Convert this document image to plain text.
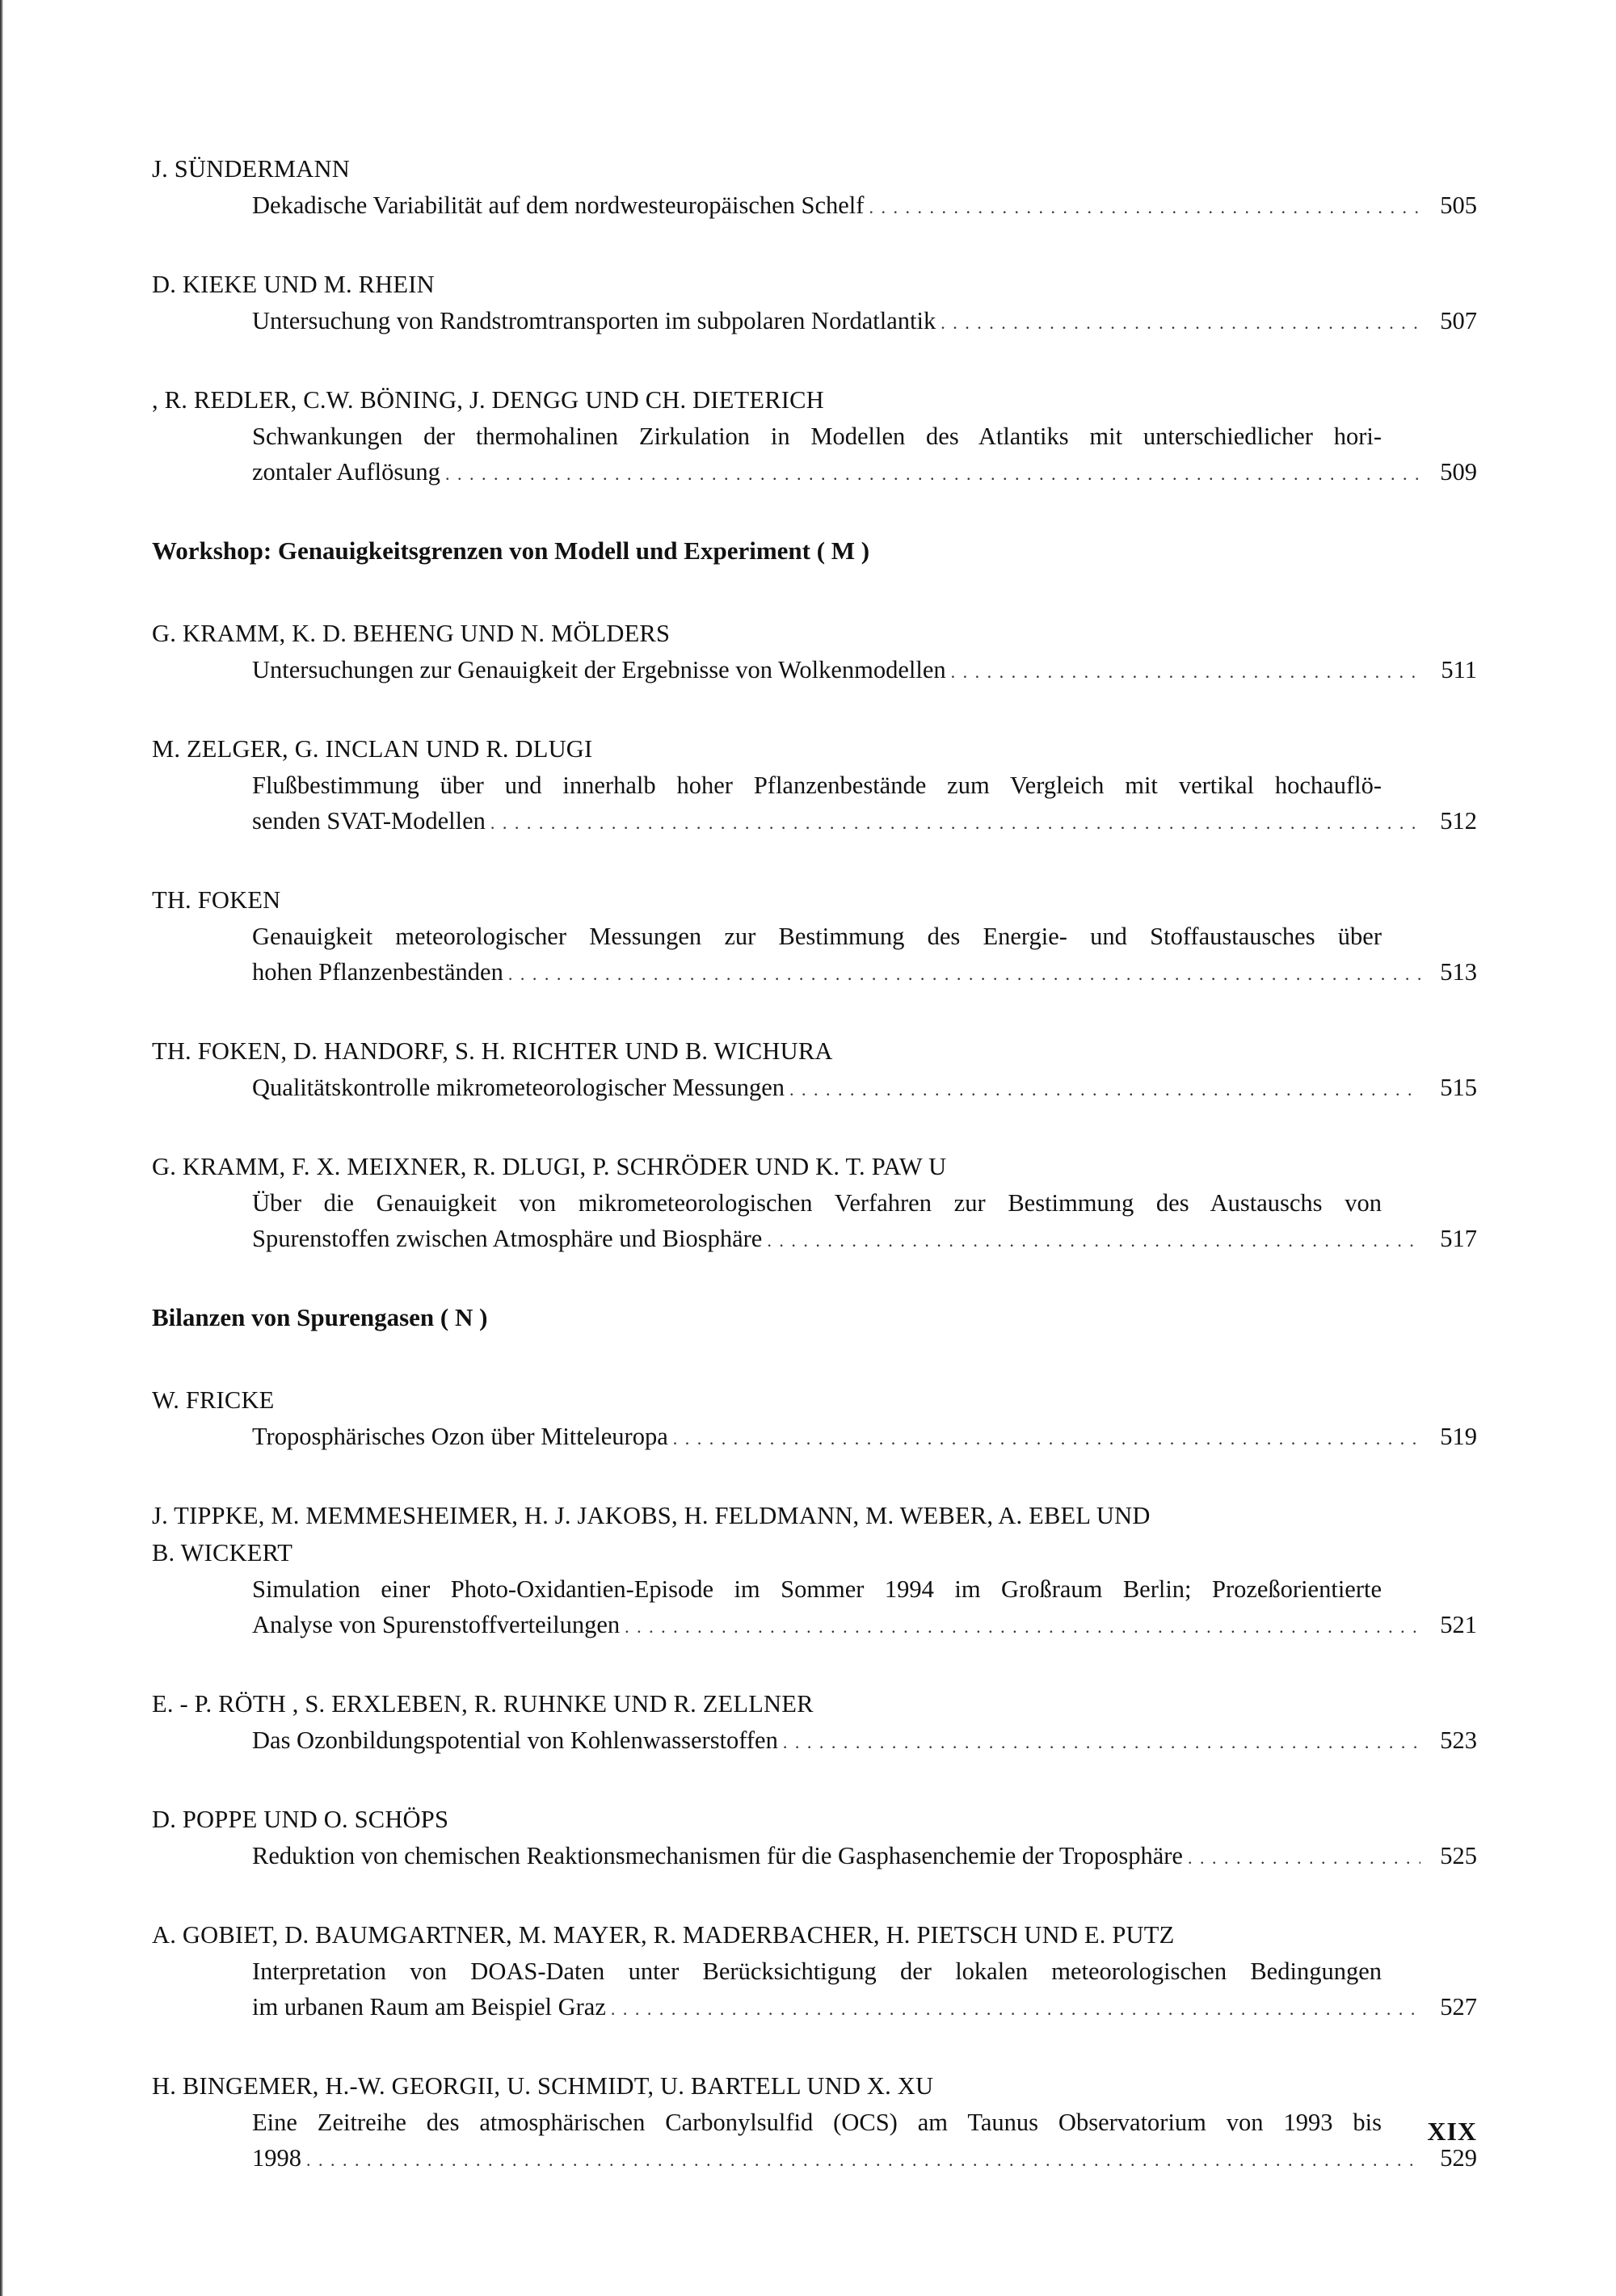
J. SÜNDERMANN
Dekadische Variabilität auf dem nordwesteuropäischen Schelf . . .	505
D. KIEKE UND M. RHEIN
Untersuchung von Randstromtransporten im subpolaren Nordatlantik . . .	507
, R. REDLER, C.W. BÖNING, J. DENGG UND CH. DIETERICH
Schwankungen der thermohalinen Zirkulation in Modellen des Atlantiks mit unterschiedlicher hori-
zontaler Auflösung . . .	509
Workshop: Genauigkeitsgrenzen von Modell und Experiment ( M )
G. KRAMM, K. D. BEHENG UND N. MÖLDERS
Untersuchungen zur Genauigkeit der Ergebnisse von Wolkenmodellen . . .	511
M. ZELGER, G. INCLAN UND R. DLUGI
Flußbestimmung über und innerhalb hoher Pflanzenbestände zum Vergleich mit vertikal hochauflö-
senden SVAT-Modellen . . .	512
TH. FOKEN
Genauigkeit meteorologischer Messungen zur Bestimmung des Energie- und Stoffaustausches über
hohen Pflanzenbeständen . . .	513
TH. FOKEN, D. HANDORF, S. H. RICHTER UND B. WICHURA
Qualitätskontrolle mikrometeorologischer Messungen . . .	515
G. KRAMM, F. X. MEIXNER, R. DLUGI, P. SCHRÖDER UND K. T. PAW U
Über die Genauigkeit von mikrometeorologischen Verfahren zur Bestimmung des Austauschs von
Spurenstoffen zwischen Atmosphäre und Biosphäre . . .	517
Bilanzen von Spurengasen ( N )
W. FRICKE
Troposphärisches Ozon über Mitteleuropa . . .	519
J. TIPPKE, M. MEMMESHEIMER, H. J. JAKOBS, H. FELDMANN, M. WEBER, A. EBEL UND
B. WICKERT
Simulation einer Photo-Oxidantien-Episode im Sommer 1994 im Großraum Berlin; Prozeßorientierte
Analyse von Spurenstoffverteilungen . . .	521
E. - P. RÖTH , S. ERXLEBEN, R. RUHNKE UND R. ZELLNER
Das Ozonbildungspotential von Kohlenwasserstoffen . . .	523
D. POPPE UND O. SCHÖPS
Reduktion von chemischen Reaktionsmechanismen für die Gasphasenchemie der Troposphäre . . .	525
A. GOBIET, D. BAUMGARTNER, M. MAYER, R. MADERBACHER, H. PIETSCH UND E. PUTZ
Interpretation von DOAS-Daten unter Berücksichtigung der lokalen meteorologischen Bedingungen
im urbanen Raum am Beispiel Graz . . .	527
H. BINGEMER, H.-W. GEORGII, U. SCHMIDT, U. BARTELL UND X. XU
Eine Zeitreihe des atmosphärischen Carbonylsulfid (OCS) am Taunus Observatorium von 1993 bis
1998 . . .	529
XIX
